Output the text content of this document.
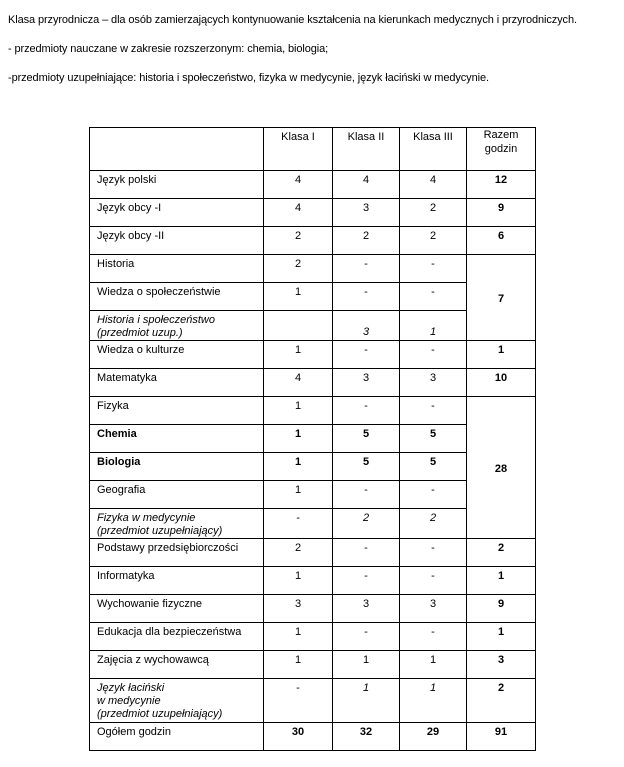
Klasa przyrodnicza – dla osób zamierzających kontynuowanie kształcenia na kierunkach medycznych i przyrodniczych.
- przedmioty nauczane w zakresie rozszerzonym: chemia, biologia;
-przedmioty uzupełniające: historia i społeczeństwo, fizyka w medycynie, język łaciński w medycynie.
	Klasa I	Klasa II	Klasa III	Razem
godzin

Język polski	4	4	4	12
Język obcy -I	4	3	2	9
Język obcy -II	2	2	2	6
Historia	2	-	-	7
Wiedza o społeczeństwie	1	-	-	
Historia i społeczeństwo
(przedmiot uzup.)		3	1	
Wiedza o kulturze	1	-	-	1
Matematyka	4	3	3	10
Fizyka	1	-	-	28
Chemia	1	5	5	
Biologia	1	5	5	
Geografia	1	-	-	
Fizyka w medycynie
(przedmiot uzupełniający)	-	2	2	
Podstawy przedsiębiorczości	2	-	-	2
Informatyka	1	-	-	1
Wychowanie fizyczne	3	3	3	9
Edukacja dla bezpieczeństwa	1	-	-	1
Zajęcia z wychowawcą	1	1	1	3
Język łaciński
w medycynie
(przedmiot uzupełniający)	-	1	1	2
Ogółem godzin	30	32	29	91
